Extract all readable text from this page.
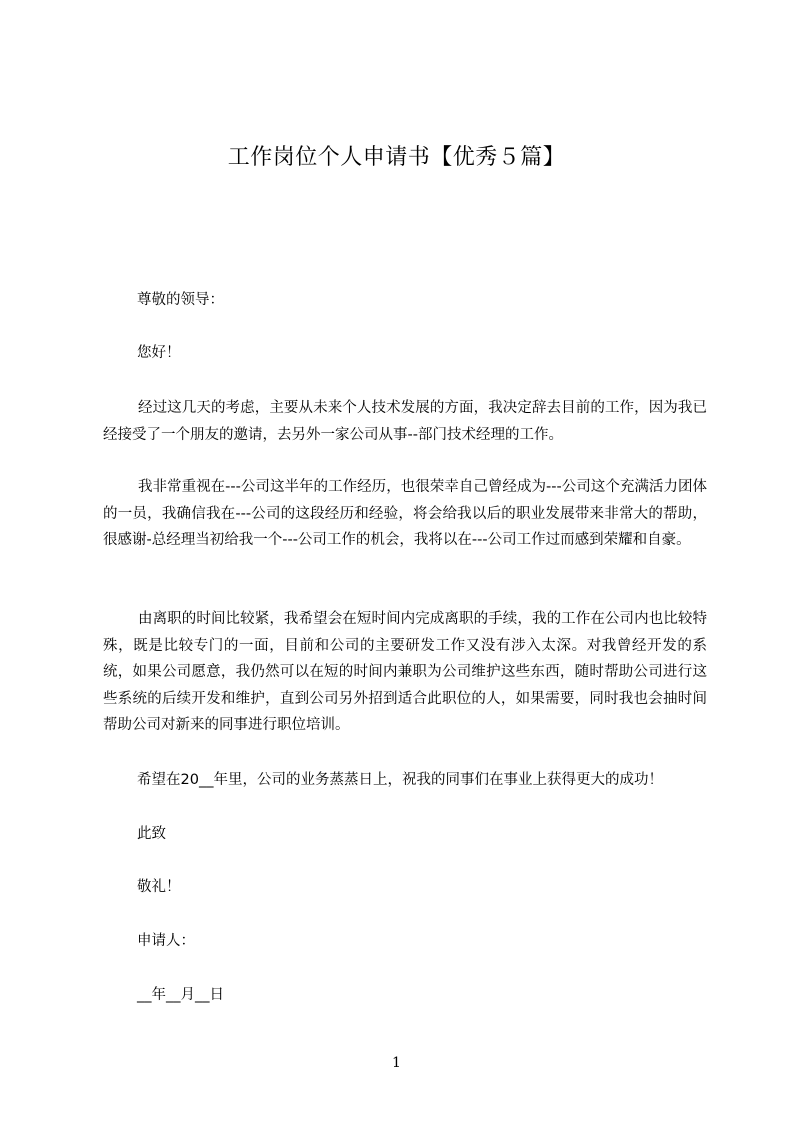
工作岗位个人申请书【优秀５篇】
尊敬的领导：
您好！

经过这几天的考虑，主要从未来个人技术发展的方面，我决定辞去目前的工作，因为我已经接受了一个朋友的邀请，去另外一家公司从事--部门技术经理的工作。

我非常重视在---公司这半年的工作经历，也很荣幸自己曾经成为---公司这个充满活力团体的一员，我确信我在---公司的这段经历和经验，将会给我以后的职业发展带来非常大的帮助，很感谢-总经理当初给我一个---公司工作的机会，我将以在---公司工作过而感到荣耀和自豪。

由离职的时间比较紧，我希望会在短时间内完成离职的手续，我的工作在公司内也比较特殊，既是比较专门的一面，目前和公司的主要研发工作又没有涉入太深。对我曾经开发的系统，如果公司愿意，我仍然可以在短的时间内兼职为公司维护这些东西，随时帮助公司进行这些系统的后续开发和维护，直到公司另外招到适合此职位的人，如果需要，同时我也会抽时间帮助公司对新来的同事进行职位培训。

希望在20__年里，公司的业务蒸蒸日上，祝我的同事们在事业上获得更大的成功！
此致
敬礼！
申请人：
__年__月__日
1
